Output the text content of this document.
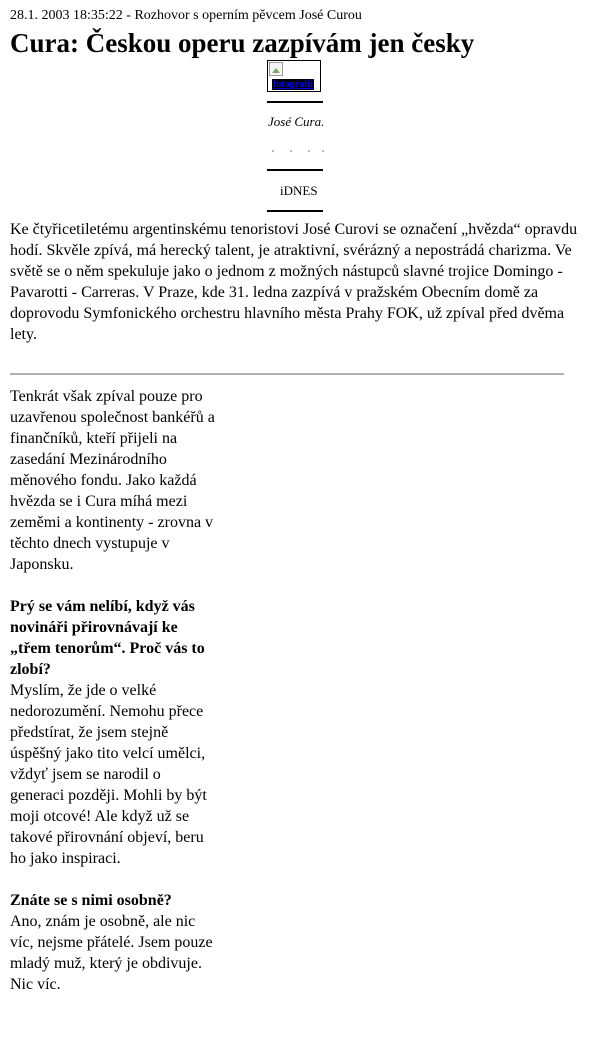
28.1. 2003 18:35:22 - Rozhovor s operním pěvcem José Curou
Cura: Českou operu zazpívám jen česky
fotografii
José Cura.
iDNES

Ke čtyřicetiletému argentinskému tenoristovi José Curovi se označení „hvězda“ opravdu hodí. Skvěle zpívá, má herecký talent, je atraktivní, svérázný a nepostrádá charizma. Ve světě se o něm spekuluje jako o jednom z možných nástupců slavné trojice Domingo - Pavarotti - Carreras. V Praze, kde 31. ledna zazpívá v pražském Obecním domě za doprovodu Symfonického orchestru hlavního města Prahy FOK, už zpíval před dvěma lety.

Tenkrát však zpíval pouze pro uzavřenou společnost bankéřů a finančníků, kteří přijeli na zasedání Mezinárodního měnového fondu. Jako každá hvězda se i Cura míhá mezi zeměmi a kontinenty - zrovna v těchto dnech vystupuje v Japonsku.

Prý se vám nelíbí, když vás novináři přirovnávají ke „třem tenorům“. Proč vás to zlobí?
Myslím, že jde o velké nedorozumění. Nemohu přece předstírat, že jsem stejně úspěšný jako tito velcí umělci, vždyť jsem se narodil o generaci později. Mohli by být moji otcové! Ale když už se takové přirovnání objeví, beru ho jako inspiraci.

Znáte se s nimi osobně?
Ano, znám je osobně, ale nic víc, nejsme přátelé. Jsem pouze mladý muž, který je obdivuje. Nic víc.
